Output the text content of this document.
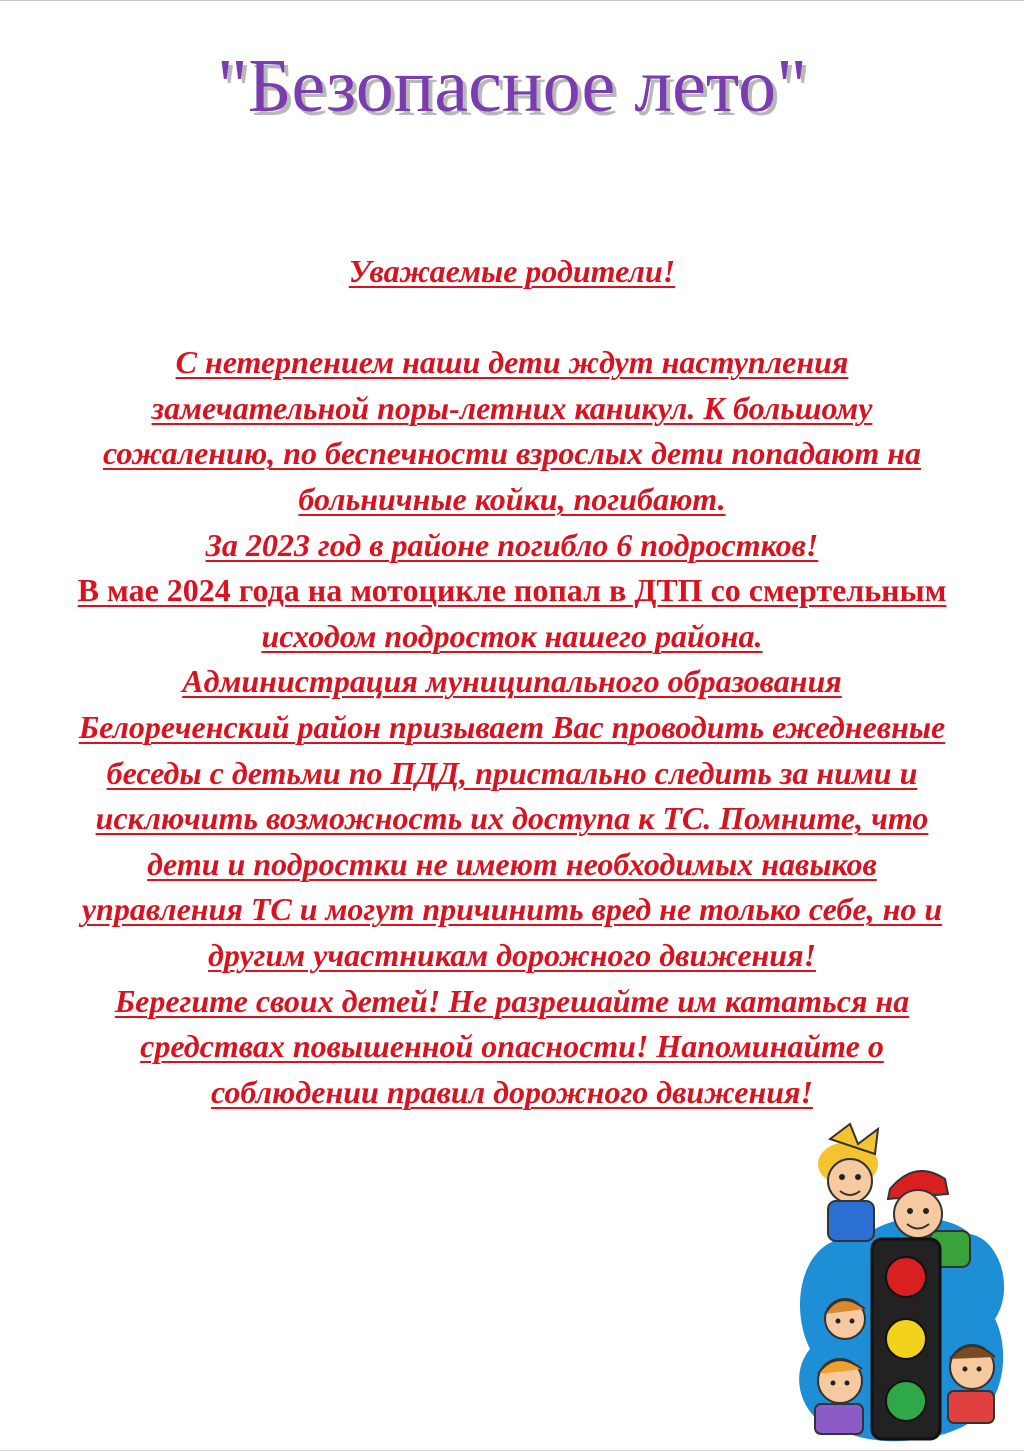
"Безопасное лето"
Уважаемые родители!
С нетерпением наши дети ждут наступления
замечательной поры-летних каникул. К большому
сожалению, по беспечности взрослых дети попадают на
больничные койки, погибают.
За 2023 год в районе погибло 6 подростков!
В мае 2024 года на мотоцикле попал в ДТП со смертельным
исходом подросток нашего района.
Администрация муниципального образования
Белореченский район призывает Вас проводить ежедневные
беседы с детьми по ПДД, пристально следить за ними и
исключить возможность их доступа к ТС. Помните, что
дети и подростки не имеют необходимых навыков
управления ТС и могут причинить вред не только себе, но и
другим участникам дорожного движения!
Берегите своих детей! Не разрешайте им кататься на
средствах повышенной опасности! Напоминайте о
соблюдении правил дорожного движения!
